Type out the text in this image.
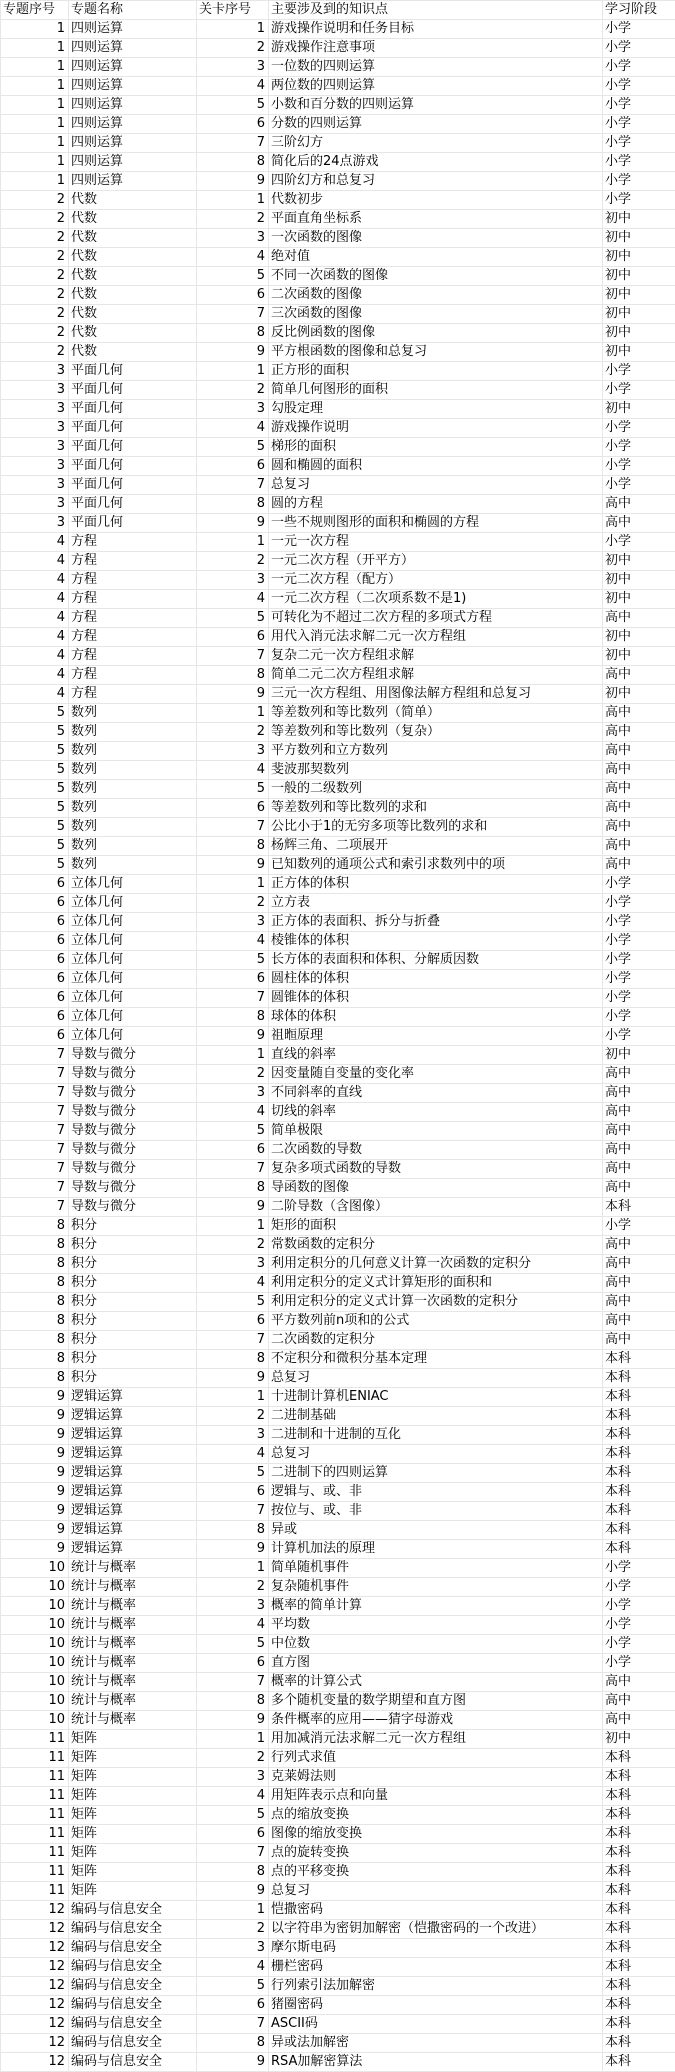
专题序号	专题名称	关卡序号	主要涉及到的知识点	学习阶段
1	四则运算	1	游戏操作说明和任务目标	小学
1	四则运算	2	游戏操作注意事项	小学
1	四则运算	3	一位数的四则运算	小学
1	四则运算	4	两位数的四则运算	小学
1	四则运算	5	小数和百分数的四则运算	小学
1	四则运算	6	分数的四则运算	小学
1	四则运算	7	三阶幻方	小学
1	四则运算	8	简化后的24点游戏	小学
1	四则运算	9	四阶幻方和总复习	小学
2	代数	1	代数初步	小学
2	代数	2	平面直角坐标系	初中
2	代数	3	一次函数的图像	初中
2	代数	4	绝对值	初中
2	代数	5	不同一次函数的图像	初中
2	代数	6	二次函数的图像	初中
2	代数	7	三次函数的图像	初中
2	代数	8	反比例函数的图像	初中
2	代数	9	平方根函数的图像和总复习	初中
3	平面几何	1	正方形的面积	小学
3	平面几何	2	简单几何图形的面积	小学
3	平面几何	3	勾股定理	初中
3	平面几何	4	游戏操作说明	小学
3	平面几何	5	梯形的面积	小学
3	平面几何	6	圆和椭圆的面积	小学
3	平面几何	7	总复习	小学
3	平面几何	8	圆的方程	高中
3	平面几何	9	一些不规则图形的面积和椭圆的方程	高中
4	方程	1	一元一次方程	小学
4	方程	2	一元二次方程（开平方）	初中
4	方程	3	一元二次方程（配方）	初中
4	方程	4	一元二次方程（二次项系数不是1)	初中
4	方程	5	可转化为不超过二次方程的多项式方程	高中
4	方程	6	用代入消元法求解二元一次方程组	初中
4	方程	7	复杂二元一次方程组求解	初中
4	方程	8	简单二元二次方程组求解	高中
4	方程	9	三元一次方程组、用图像法解方程组和总复习	初中
5	数列	1	等差数列和等比数列（简单）	高中
5	数列	2	等差数列和等比数列（复杂）	高中
5	数列	3	平方数列和立方数列	高中
5	数列	4	斐波那契数列	高中
5	数列	5	一般的二级数列	高中
5	数列	6	等差数列和等比数列的求和	高中
5	数列	7	公比小于1的无穷多项等比数列的求和	高中
5	数列	8	杨辉三角、二项展开	高中
5	数列	9	已知数列的通项公式和索引求数列中的项	高中
6	立体几何	1	正方体的体积	小学
6	立体几何	2	立方表	小学
6	立体几何	3	正方体的表面积、拆分与折叠	小学
6	立体几何	4	棱锥体的体积	小学
6	立体几何	5	长方体的表面积和体积、分解质因数	小学
6	立体几何	6	圆柱体的体积	小学
6	立体几何	7	圆锥体的体积	小学
6	立体几何	8	球体的体积	小学
6	立体几何	9	祖暅原理	小学
7	导数与微分	1	直线的斜率	初中
7	导数与微分	2	因变量随自变量的变化率	高中
7	导数与微分	3	不同斜率的直线	高中
7	导数与微分	4	切线的斜率	高中
7	导数与微分	5	简单极限	高中
7	导数与微分	6	二次函数的导数	高中
7	导数与微分	7	复杂多项式函数的导数	高中
7	导数与微分	8	导函数的图像	高中
7	导数与微分	9	二阶导数（含图像）	本科
8	积分	1	矩形的面积	小学
8	积分	2	常数函数的定积分	高中
8	积分	3	利用定积分的几何意义计算一次函数的定积分	高中
8	积分	4	利用定积分的定义式计算矩形的面积和	高中
8	积分	5	利用定积分的定义式计算一次函数的定积分	高中
8	积分	6	平方数列前n项和的公式	高中
8	积分	7	二次函数的定积分	高中
8	积分	8	不定积分和微积分基本定理	本科
8	积分	9	总复习	本科
9	逻辑运算	1	十进制计算机ENIAC	本科
9	逻辑运算	2	二进制基础	本科
9	逻辑运算	3	二进制和十进制的互化	本科
9	逻辑运算	4	总复习	本科
9	逻辑运算	5	二进制下的四则运算	本科
9	逻辑运算	6	逻辑与、或、非	本科
9	逻辑运算	7	按位与、或、非	本科
9	逻辑运算	8	异或	本科
9	逻辑运算	9	计算机加法的原理	本科
10	统计与概率	1	简单随机事件	小学
10	统计与概率	2	复杂随机事件	小学
10	统计与概率	3	概率的简单计算	小学
10	统计与概率	4	平均数	小学
10	统计与概率	5	中位数	小学
10	统计与概率	6	直方图	小学
10	统计与概率	7	概率的计算公式	高中
10	统计与概率	8	多个随机变量的数学期望和直方图	高中
10	统计与概率	9	条件概率的应用——猜字母游戏	高中
11	矩阵	1	用加减消元法求解二元一次方程组	初中
11	矩阵	2	行列式求值	本科
11	矩阵	3	克莱姆法则	本科
11	矩阵	4	用矩阵表示点和向量	本科
11	矩阵	5	点的缩放变换	本科
11	矩阵	6	图像的缩放变换	本科
11	矩阵	7	点的旋转变换	本科
11	矩阵	8	点的平移变换	本科
11	矩阵	9	总复习	本科
12	编码与信息安全	1	恺撒密码	本科
12	编码与信息安全	2	以字符串为密钥加解密（恺撒密码的一个改进）	本科
12	编码与信息安全	3	摩尔斯电码	本科
12	编码与信息安全	4	栅栏密码	本科
12	编码与信息安全	5	行列索引法加解密	本科
12	编码与信息安全	6	猪圈密码	本科
12	编码与信息安全	7	ASCII码	本科
12	编码与信息安全	8	异或法加解密	本科
12	编码与信息安全	9	RSA加解密算法	本科
